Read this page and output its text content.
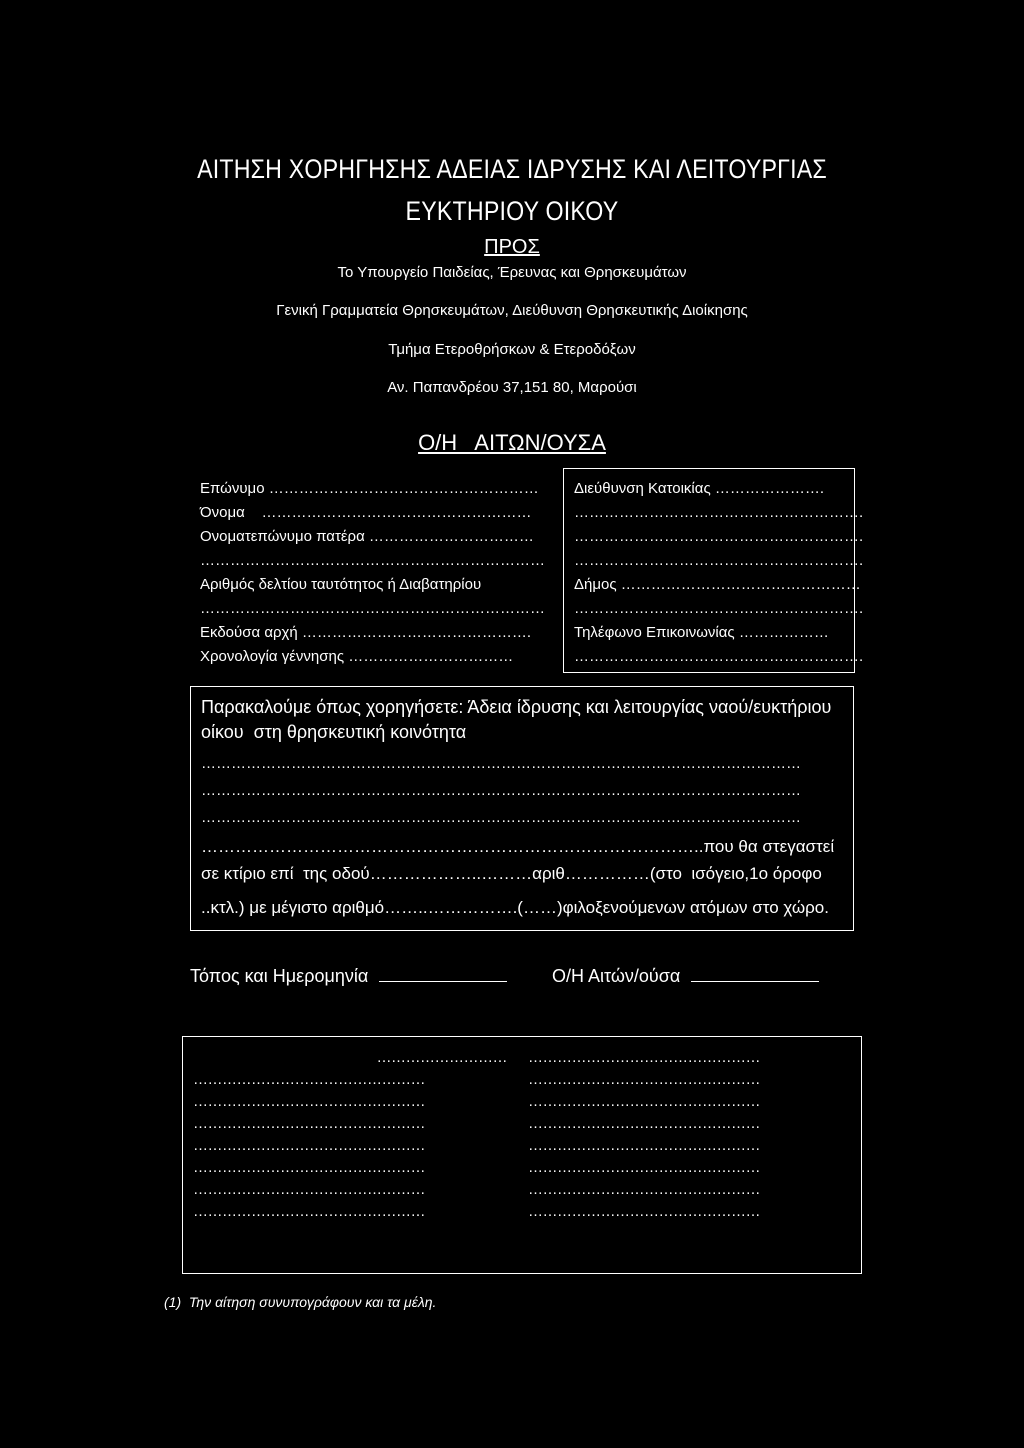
ΑΙΤΗΣΗ ΧΟΡΗΓΗΣΗΣ ΑΔΕΙΑΣ ΙΔΡΥΣΗΣ ΚΑΙ ΛΕΙΤΟΥΡΓΙΑΣ
ΕΥΚΤΗΡΙΟΥ ΟΙΚΟΥ
ΠΡΟΣ
Το Υπουργείο Παιδείας, Έρευνας και Θρησκευμάτων
Γενική Γραμματεία Θρησκευμάτων, Διεύθυνση Θρησκευτικής Διοίκησης
Τμήμα Ετεροθρήσκων & Ετεροδόξων
Αν. Παπανδρέου 37,151 80, Μαρούσι
Ο/Η   ΑΙΤΩΝ/ΟΥΣΑ
Επώνυμο ………………………………………………
Όνομα    ………………………………………………
Ονοματεπώνυμο πατέρα ……………………………
……………………………………………………………
Αριθμός δελτίου ταυτότητος ή Διαβατηρίου
……………………………………………………………
Εκδούσα αρχή ……………………………………….
Χρονολογία γέννησης ……………………………
Διεύθυνση Κατοικίας ………………….
………………………………………………….
………………………………………………….
………………………………………………….
Δήμος …………………………………………
………………………………………………….
Τηλέφωνο Επικοινωνίας ………………
………………………………………………….
Παρακαλούμε όπως χορηγήσετε: Άδεια ίδρυσης και λειτουργίας ναού/ευκτήριου
οίκου  στη θρησκευτική κοινότητα
…………………………………………………………………………………………………………
…………………………………………………………………………………………………………
…………………………………………………………………………………………………………
……………………………………………………………………………..που θα στεγαστεί
σε κτίριο επί  της οδού………………..………αριθ……………(στο  ισόγειο,1ο όροφο
..κτλ.) με μέγιστο αριθμό……..…………….(……)φιλοξενούμενων ατόμων στο χώρο.
Τόπος και Ημερομηνία	Ο/Η Αιτών/ούσα
………………………
…………………………………………
…………………………………………
…………………………………………
…………………………………………
…………………………………………
…………………………………………
…………………………………………
…………………………………………
…………………………………………
…………………………………………
…………………………………………
…………………………………………
…………………………………………
…………………………………………
…………………………………………
(1)  Την αίτηση συνυπογράφουν και τα μέλη.
